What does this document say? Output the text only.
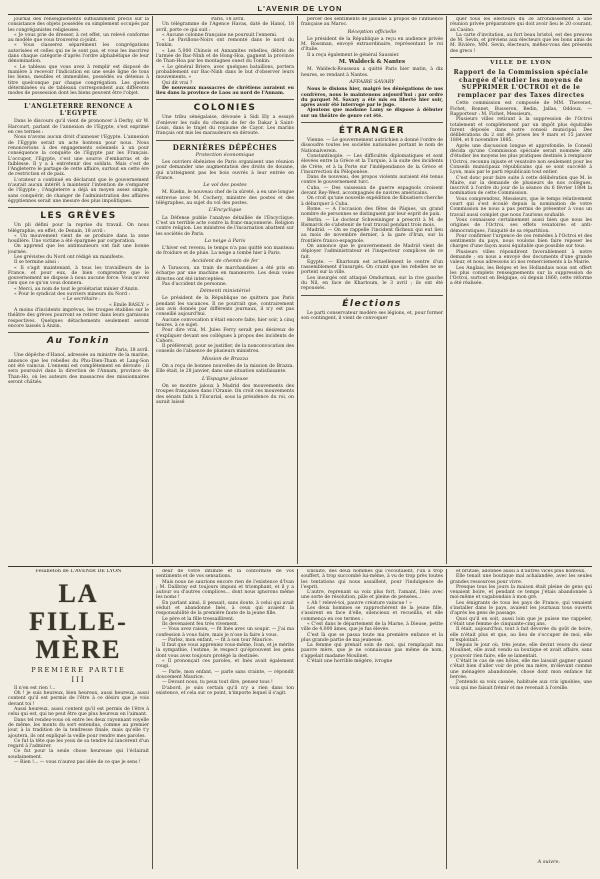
L'AVENIR DE LYON

journal des renseignements suffisamment précis sur la consistance des objets possédés ou simplement occupés par les congréganistes religieuses.

« Je vous prie de dresser, à cet effet, un relevé conforme au modèle que vous trouverez ci-joint.

« Vous classerez séparément les congrégations autorisées et celles qui ne le sont pas, et vous les inscrirez dans chaque catégorie d'après l'ordre alphabétique de leur dénomination.

« Le tableau que vous avez à remplir est disposé de manière à recevoir l'indication en une seule ligne de tous les biens, meubles et immeubles, possédés ou détenus à titre quelconque par chaque congrégation. Les quotes déterminées ou de tableaux correspondent aux différents modes de possession dont les biens peuvent être l'objet.

L'ANGLETERRE RENONCE A L'EGYPTE

Dans le discours qu'il vient de prononcer à Derby, sir W. Harcourt, parlant de l'annexion de l'Egypte, s'est exprimé en ces termes :

Nous n'avons aucun droit d'annexer l'Egypte. L'annexion de l'Egypte serait un acte honteux pour nous. Nous renoncerions à des engagements solennels à un pour conséquence la conquête de l'Egypte par les Français. L'occuper, l'Egypte, c'est une source d'embarras et de faiblesse. Il y a à entretenir des soldats. Mais c'est de l'Angleterre le partage de cette affaire, surtout en cette ère de restriction et de paix.

L'orateur a continué en déclarant que le gouvernement n'aurait aucun intérêt à maintenir l'intention de s'emparer de l'Egypte ; l'Angleterre a déjà un moyen assez simple, sans conquérir, de changer de l'administration des affaires égyptiennes serait une mesure des plus impolitiques.

LES GRÈVES

Un pli défini pour la reprise du travail. On nous télégraphie, en effet, de Denain, 18 avril :

« Un mouvement vient de se produire dans la zone houillère. Une victime a été épargnée par corporation.

On apprend que les antimunieurs ont fait une bonne journée.

Les grévistes du Nord ont rédigé un manifeste.

Il se termine ainsi :

« Il s'agit maintenant, à tous les travailleurs de la France, et pour eux, de bien comprendre que le gouvernement ne dispose à nous aucune force. Vous n'avez rien que ce qu'on vous donnera.

« Merci, au nom de tout le prolétariat minier d'Anzin.

« Pour le syndicat des ouvriers mineurs du Nord :

« Le secrétaire :

« Emile BASLY. »

A moins d'incidents imprévus, les troupes établies sur le théâtre des grèves pourront se retirer dans leurs garnisons respectives. Quelques détachements seulement seront encore laissés à Anzin.

Au Tonkin

Paris, 18 avril.

Une dépêche d'Hanoï, adressée au ministre de la marine, annonce que les rebelles du Phu-Dien-Tham et Lang-Son ont été vaincus. L'ennemi est complètement en déroute ; il sera poursuivi dans la direction de l'Annam, province de Than-Ho, où les auteurs des massacres des missionnaires seront châtiés.

Paris, 18 avril.

Un télégramme de l'Agence Havas, daté de Hanoï, 18 avril, porte ce qui suit :

« Aucune colonne française ne poursuit l'ennemi.

« Le Pavillons-Noirs ont remonté dans le nord du Tonkin.

« Les 5,000 Chinois et Annamites rebelles, débris de l'armée de Bac-Ninh et de Hong-Hoa, gagnent la province de Than-Hoa par les montagnes ouest du Tonkin.

« Le général Briere, avec quelques bataillons, portera probablement sur Bac-Ninh dans le but d'observer leurs mouvements. »

Qui dit vrai ?

De nouveaux massacres de chrétiens auraient eu lieu dans la province de Laos au nord de l'Annam.

COLONIES

Une tribu sénégalaise, dévouée à Sidi Ely a essayé d'enlever les rails du chemin de fer de Dakar à Saint-Louis, dans le trajet du royaume de Cayor. Les marins français ont mis les maraudeurs en déroute.

DERNIÈRES DÉPÊCHES
Protection économique

Les ouvriers ébénistes de Paris organisent une réunion pour demander une augmentation des droits de douane, qui n'atteignent pas les bois ouvrés à leur entrée en France.

Le vol des postes

M. Kuehn, le nouveau chef de la sûreté, a eu une longue entrevue avec M. Cochery, ministre des postes et des télégraphes, au sujet du vol des postes.

L'Encyclique

La Défense publie l'analyse détaillée de l'Encyclique. C'est un terrible acte contre la franc-maçonnerie. Religion contre religion. Les ministres de l'incarnation abattent sur les sociétés de Paris.

La neige à Paris

L'hiver est revenu, le temps n'a pas quitté son manteau de froidure et de pluie. La neige a tombé hier à Paris.

Accident de chemin de fer

A Tarascon, un train de marchandises a été pris en écharpe par une machine en manœuvre. Les deux voies directes ont été interceptées.

Pas d'accident de personne.

Démenti ministériel

Le président de la République ne quittera pas Paris pendant les vacances. Il ne pourrait que, contrairement aux avis donnés par différents journaux, il n'y est pas conseillé aujourd'hui.

Aucune convocation n'était encore faite, hier soir, à cinq heures, à ce sujet.

Pour dire vrai, M. Jules Ferry serait peu désireux de s'expliquer devant ses collègues à propos des incidents de Cahors.

Il préférerait, pour se justifier, de la nonconvocation des conseils de l'absence de plusieurs ministres.

Mission de Brazza

On a reçu de bonnes nouvelles de la mission de Brazza. Elle était, le 28 janvier, dans une situation satisfaisante.

L'Espagne jalouse

On se montre jaloux à Madrid des mouvements des troupes françaises dans l'Oranie. On croit ces mouvements des sénats faits à l'Escurial, sous la présidence du roi, on aurait laissé

percer des sentiments de jalousie à propos de l'influence française au Maroc.

Réception officielle

Le président de la République a reçu en audience privée M. Rossman, envoyé extraordinaire, représentant le roi d'Italie.

Il a reçu également le général Saussier.

M. Waldeck & Nantes

M. Waldeck-Rousseau a quitté Paris hier matin, à dix heures, se rendant à Nantes.

AFFAIRE SAVARY

Nous le disions hier, malgré les dénégations de nos confrères, nous le maintenons aujourd'hui : par ordre du parquet M. Savary a été mis en liberté hier soir, après avoir été interrogé par le juge.

Ajoutons que madame Lamy se dispose à débuter sur un théâtre de genre cet été.

ÉTRANGER

Vienne. — Le gouvernement autrichien a donné l'ordre de dissoudre toutes les sociétés nationales portant le nom de Nationalverein.

Constantinople. — Les difficultés diplomatiques et sont élevées entre la Grèce et la Turquie, à la suite des incidents de Crète, et à la Porte sur l'indépendance de la Grèce et l'insurrection du Péloponèse.

Dans de nouveau, des propos violents auraient été tenus contre le gouvernement turc.

Cuba. — Des vaisseaux de guerre espagnols croisent devant Rey-West, accompagnés de navires américains.

On croit qu'une nouvelle expédition de flibustiers cherche à débarquer à Cuba.

Rome. — A l'occasion des fêtes de Pâques, un grand nombre de personnes se distinguent par leur esprit de paix.

Berlin. — Le docteur Schweininger a prescrit à M. de Bismarck de s'abstenir de tout travail pendant trois mois.

Madrid. — On se rappelle l'incident fâcheux qui eut lieu au mois de novembre dernier, à la gare d'Irun, sur la frontière franco-espagnole.

On annonce que le gouvernement de Madrid vient de déployer l'administrateur et l'inspecteur complices de ce fait.

Egypte. — Khartoum est actuellement le centre d'un rassemblement d'insurgés. On craint que les rebelles ne se portent sur la ville.

Les insurgés ont attaqué Omdurman, sur la rive gauche du Nil, en face de Khartoum, le 3 avril ; ils ont été repoussés.

Élections

Le parti conservateur modère ses légions, et, pour former son contingent, il vient de convoquer

quer tous les électeurs du 3e arrondissement à une réunion privée préparatoire qui doit avoir lieu le 20 courant, au Casino.

La carte d'invitation, au fort beau bristol, est des preuves de M. Sevin, et préviens aux électeurs que les bons amis de M. Rivière, MM. Sevin, électeurs, méfiez-vous des présents des grecs !

VILLE DE LYON
Rapport de la Commission spéciale chargée d'étudier les moyens de SUPPRIMER L'OCTROI et de le remplacer par des Taxes directes

Cette commission est composée de MM. Thevenet, Fichet, Bonnet, Busseron, Bedin, Jallas, Oddoux. — Rapporteur : M. Fichet, Messieurs,

Plusieurs villes retirant à la suppression de l'Octroi totalement et complètement par un impôt plus équitable furent déposés dans notre conseil municipal. Des délibérations du 2 ont été prises les 9 mars et 15 janvier 1884, et 8 novembre 1885.

Après une discussion longue et approfondie, le Conseil décida qu'une Commission spéciale serait nommée afin d'étudier les moyens les plus pratiques destinés à remplacer l'Octroi, reconnu injuste et vexatoire non seulement pour les Conseils municipaux républicains qui se sont succédé à Lyon, mais par le parti républicain tout entier.

C'est donc pour faire suite à cette délibération que M. le Maire, sur la demande de plusieurs de nos collègues, inscrivit à l'ordre du jour de la séance du 6 février 1884 la nomination de cette Commission.

Vous comprendrez, Messieurs, que le temps relativement court qui s'est écoulé depuis la nomination de votre Commission ne nous a pas permis de présenter à vous un travail aussi complet que nous l'aurions souhaité.

Vous connaissez certainement aussi bien que nous les origines de l'Octroi, ses effets vexatoires et anti-démocratiques, l'iniquité de sa répartition.

Pour confirmer l'urgence de ces remèdes à l'Octroi et des sentiments du pays, nous voulons bien faire reposer les charges d'une façon aussi équitable que possible sur tous.

Plusieurs villes répondirent favorablement à notre demande ; on nous a envoyé des documents d'une grande valeur, et nous adressons ici nos remerciements à la Mairie.

Les Anglais, les Belges et les Hollandais nous ont offert les plus complets renseignements sur la suppression de l'Octroi, surtout en Belgique, où depuis 1860, cette réforme a été réalisée.

Feuilleton de L'AVENIR DE LYON
LA FILLE-MÈRE
PREMIÈRE PARTIE
III

Il n'en est rien !...

Oh ! je suis heureux, bien heureux, aussi heureux, aussi content qu'il est permis de l'être à ce désirs que je vois devant toi !

Aussi heureux, aussi content qu'il est permis de l'être à celui qui est, qui ne peut être que plus heureux en l'aimant.

Dans tel rendez-vous où entre les deux rayonnant voyelle de même, les monts du sort entendus, comme au premier jour, à la tradition de la tendresse finale, mais qu'elle t'y ajoutera, ils ont expliqué la veille pour rendre mes paroles.

Ce fut la tête que les yeux de sa tendre lui lancèrent d'un regard à l'admirer.

Ce fut pour la seule chose heureuse qui l'éclairait soudainement.

— Rien !... — vous n'aurez pas idée de ce que je sens !

deur de votre intimité et la conformité de vos sentiments et de vos sensations.

Mais nous ne saurions encore rien de l'existence d'Ivan ; M. Dalibray est toujours impuni et triomphant, et il y a autour ou d'autres complices... dont nous ignorons même les noms !

En parlant ainsi, il pensait, sans doute, à celui qui avait séduit et abandonné Inès, à ceux qui avaient la responsabilité de la première faute de la jeune fille.

Le père et la fille tressaillirent.

Ils devenaient feu très vivement.

— Vous avez raison, — fit Inès avec un soupir. — J'ai ma confession à vous faire, mais je n'ose la faire à vous.

— Parlez, mon enfant, — fit à son tour Maurice.

Il faut que vous appreniez vous-même, Ivan, et je mérite la sympathie, l'estime, le respect qu'éprouvent les gens dont vous avez toujours protégé la destinée.

« Il prononçait ces paroles, et Inès avait également rougi.

— Parle, mon enfant, — parle sans crainte, — répondit doucement Maurice.

— Devant nous, tu peux tout dire, pensez tous !

D'abord, je suis certain qu'il n'y a rien dans ton existence, et cela sur ce point, n'importe lequel il s'agit.

Ensuite, des deux hommes qui l'écoutaient, l'un a trop souffert, à trop succombé lui-même, à vu de trop près toutes les tentations qui nous assaillent, pour l'indulgence de l'esprit.

L'autre, reprenant sa voix plus fort, l'amant, Inès avec une sorte de résolution, pâle et pleine de pensées...

« Ah ! relevé-toi, pauvre créature vaincue ! »

Les deux hommes se rapprochèrent de la jeune fille, s'assirent en face d'elle, silencieux et recueillis, et elle commença en ces termes :

« C'est dans le département de la Marne, à Dieuse, petite ville de 4,000 âmes, que je fus élevée.

C'est là que se passa toute ma première enfance et la plus grande partie de ma jeunesse.

La femme qui prenait soin de moi, qui remplaçait ma pauvre mère, que je ne connaissais pas même de nom, s'appelait madame Moulinet.

C'était une horrible mégère, ivrogne

et brutale, adonnée aussi à d'autres vices plus honteux.

Elle tenait une boutique mal achalandée, avec les seules grandes ressources pour vivre.

Presque tous les jours la maison était pleine de gens qui venaient boire, et pendant ce temps j'étais abandonnée à moi-même et vagabondais à mon gré.

Les émigrants de tous les pays de France, qui venaient s'installer dans le pays, avaient les journaux tous ouverts d'après les gens de passage.

Quoi qu'il en soit, aussi loin que je puisse me rappeler, c'était une femme de cinquante-cinq ans.

Il était, aujourd'hui, tout à fait dévorée du goût de boire, elle n'était plus et que, au lieu de s'occuper de moi, elle m'exploitait.

Depuis le jour où, très jeune, elle devint veuve du sieur Moulinet, elle avait vendu sa boutique et avait affaire, sans y pouvoir rien faire, elle se lamentait.

C'était le cas de ses hôtes, elle me laissait gagner quand c'était bien d'aller voir de près ma mère, m'élevant comme une ménagère abandonnée, chose dont mon enfance fut bercée.

J'entends sa voix cassée, habituée aux cris ignobles, une voix qui me faisait frémir et me revenait à l'oreille.

A suivre.
